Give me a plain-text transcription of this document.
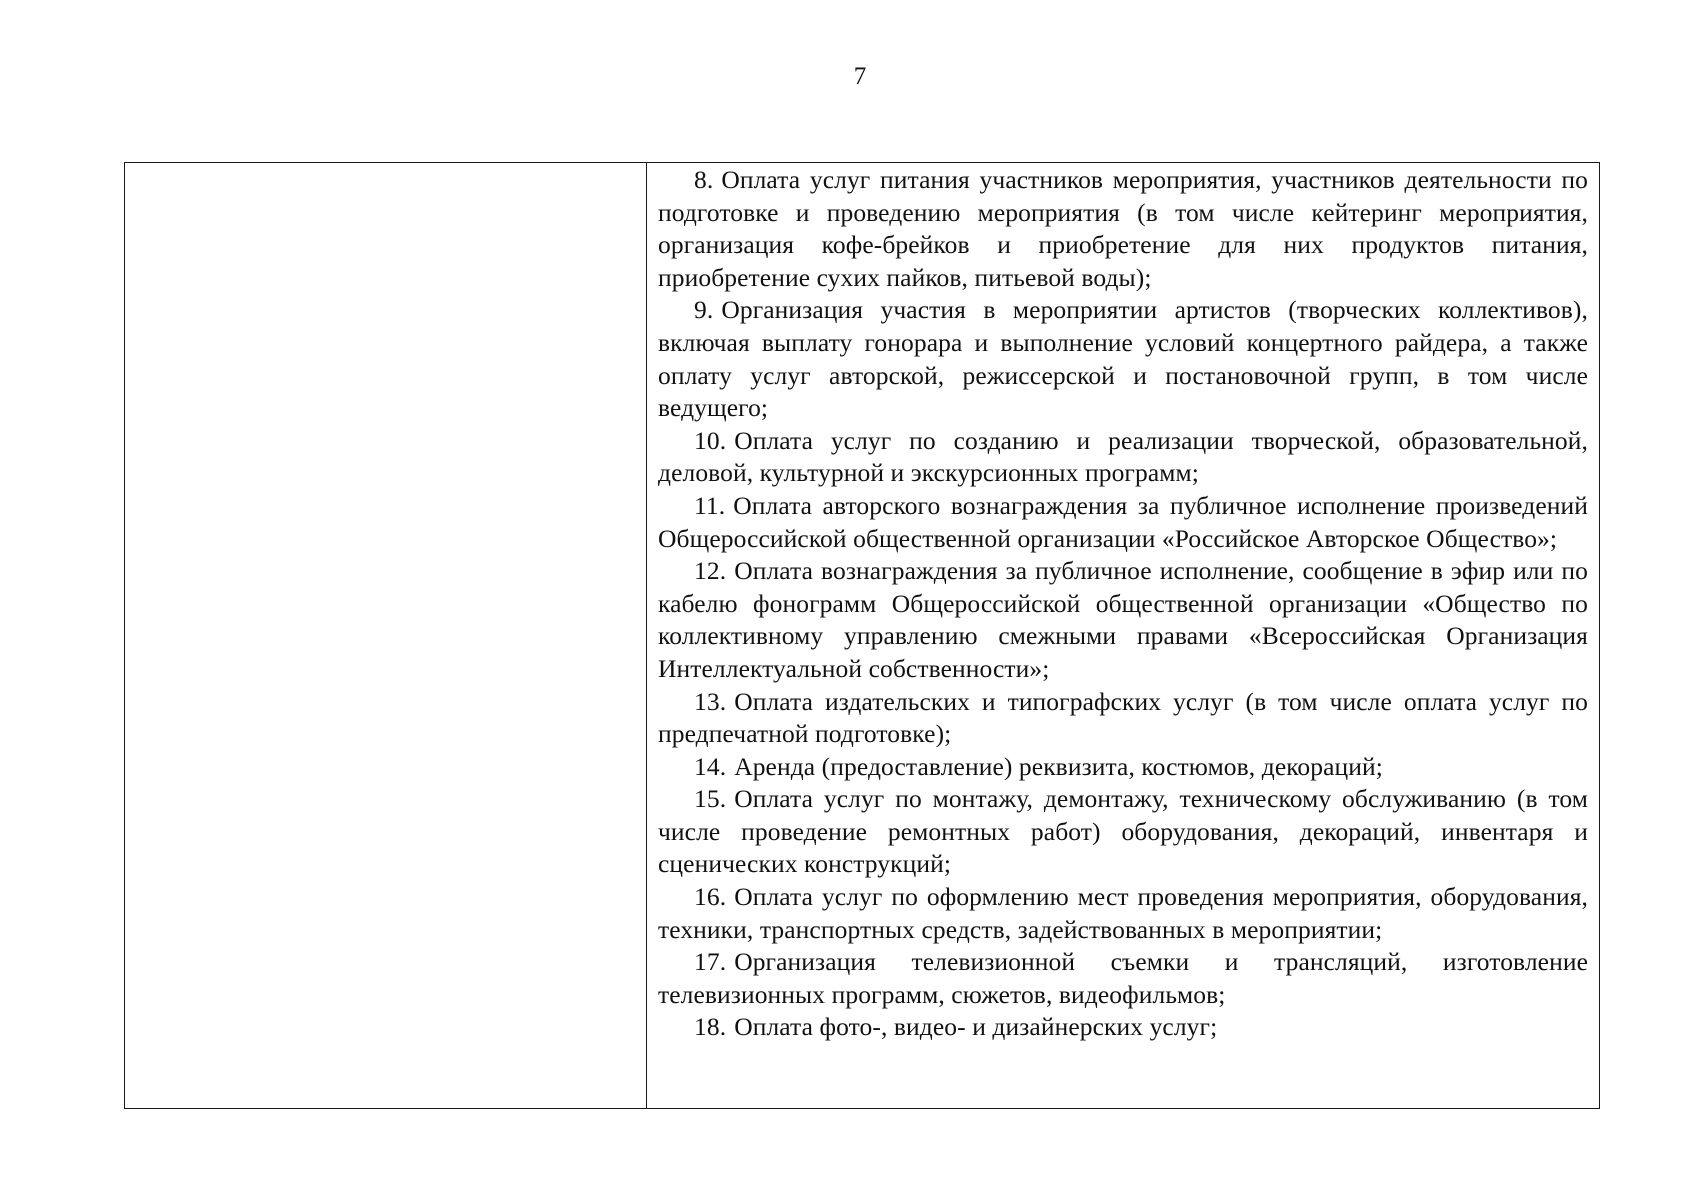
7

8. Оплата услуг питания участников мероприятия, участников деятельности по подготовке и проведению мероприятия (в том числе кейтеринг мероприятия, организация кофе-брейков и приобретение для них продуктов питания, приобретение сухих пайков, питьевой воды);

9. Организация участия в мероприятии артистов (творческих коллективов), включая выплату гонорара и выполнение условий концертного райдера, а также оплату услуг авторской, режиссерской и постановочной групп, в том числе ведущего;

10. Оплата услуг по созданию и реализации творческой, образовательной, деловой, культурной и экскурсионных программ;

11. Оплата авторского вознаграждения за публичное исполнение произведений Общероссийской общественной организации «Российское Авторское Общество»;

12. Оплата вознаграждения за публичное исполнение, сообщение в эфир или по кабелю фонограмм Общероссийской общественной организации «Общество по коллективному управлению смежными правами «Всероссийская Организация Интеллектуальной собственности»;

13. Оплата издательских и типографских услуг (в том числе оплата услуг по предпечатной подготовке);

14. Аренда (предоставление) реквизита, костюмов, декораций;

15. Оплата услуг по монтажу, демонтажу, техническому обслуживанию (в том числе проведение ремонтных работ) оборудования, декораций, инвентаря и сценических конструкций;

16. Оплата услуг по оформлению мест проведения мероприятия, оборудования, техники, транспортных средств, задействованных в мероприятии;

17. Организация телевизионной съемки и трансляций, изготовление телевизионных программ, сюжетов, видеофильмов;

18. Оплата фото-, видео- и дизайнерских услуг;
